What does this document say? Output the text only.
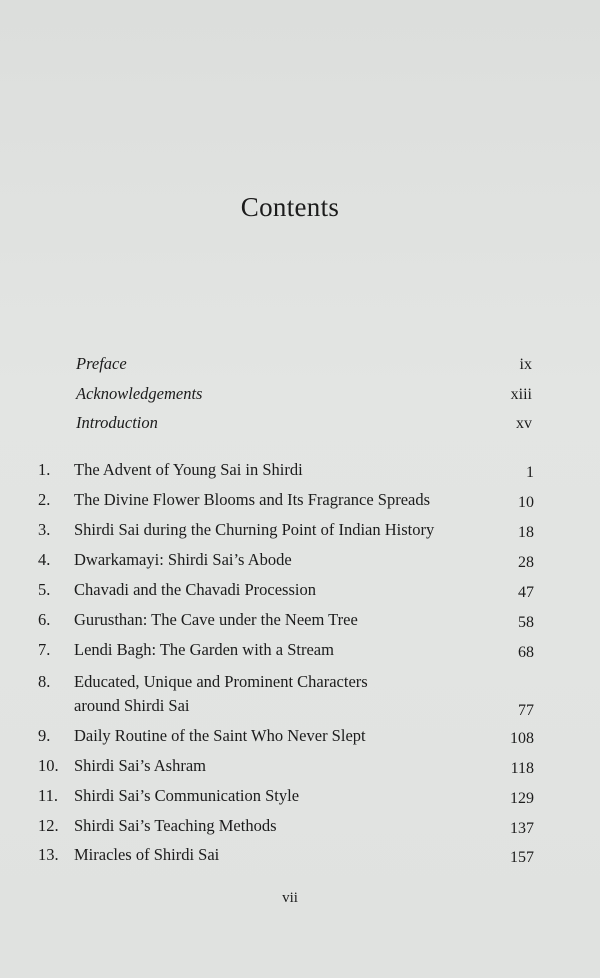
Contents
Preface	ix
Acknowledgements	xiii
Introduction	xv
1.	The Advent of Young Sai in Shirdi	1
2.	The Divine Flower Blooms and Its Fragrance Spreads	10
3.	Shirdi Sai during the Churning Point of Indian History	18
4.	Dwarkamayi: Shirdi Sai’s Abode	28
5.	Chavadi and the Chavadi Procession	47
6.	Gurusthan: The Cave under the Neem Tree	58
7.	Lendi Bagh: The Garden with a Stream	68
8.	Educated, Unique and Prominent Characters
around Shirdi Sai	77
9.	Daily Routine of the Saint Who Never Slept	108
10. Shirdi Sai’s Ashram	118
11. Shirdi Sai’s Communication Style	129
12. Shirdi Sai’s Teaching Methods	137
13. Miracles of Shirdi Sai	157
vii
